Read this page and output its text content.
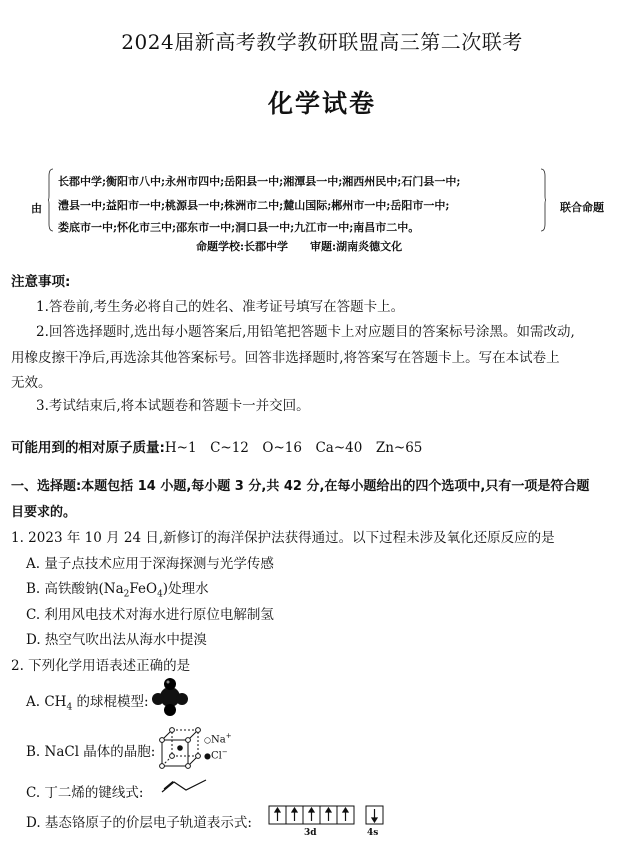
2024届新高考教学教研联盟高三第二次联考
化学试卷
由
长郡中学;衡阳市八中;永州市四中;岳阳县一中;湘潭县一中;湘西州民中;石门县一中;
澧县一中;益阳市一中;桃源县一中;株洲市二中;麓山国际;郴州市一中;岳阳市一中;
娄底市一中;怀化市三中;邵东市一中;洞口县一中;九江市一中;南昌市二中。
联合命题
命题学校:长郡中学　　审题:湖南炎德文化
注意事项:
1.答卷前,考生务必将自己的姓名、准考证号填写在答题卡上。
2.回答选择题时,选出每小题答案后,用铅笔把答题卡上对应题目的答案标号涂黑。如需改动,
用橡皮擦干净后,再选涂其他答案标号。回答非选择题时,将答案写在答题卡上。写在本试卷上
无效。
3.考试结束后,将本试题卷和答题卡一并交回。
可能用到的相对原子质量:H~1　C~12　O~16　Ca~40　Zn~65
一、选择题:本题包括 14 小题,每小题 3 分,共 42 分,在每小题给出的四个选项中,只有一项是符合题
目要求的。
1. 2023 年 10 月 24 日,新修订的海洋保护法获得通过。以下过程未涉及氧化还原反应的是
A. 量子点技术应用于深海探测与光学传感
B. 高铁酸钠$(Na_2FeO_4)$处理水
C. 利用风电技术对海水进行原位电解制氢
D. 热空气吹出法从海水中提溴
2. 下列化学用语表述正确的是
A. $CH_4$ 的球棍模型:
B. NaCl 晶体的晶胞:
○Na+
●Cl−
C. 丁二烯的键线式:
D. 基态铬原子的价层电子轨道表示式:
3d	4s
